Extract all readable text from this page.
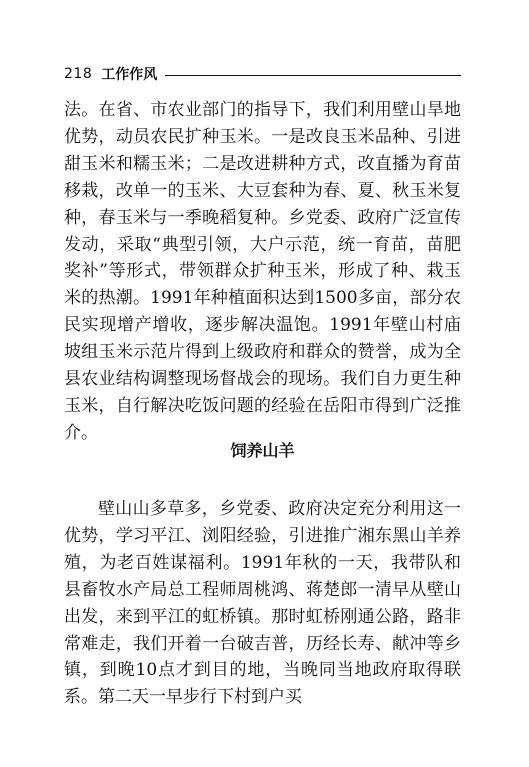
218 工作作风

法。在省、市农业部门的指导下，我们利用壁山旱地优势，动员农民扩种玉米。一是改良玉米品种、引进甜玉米和糯玉米；二是改进耕种方式，改直播为育苗移栽，改单一的玉米、大豆套种为春、夏、秋玉米复种，春玉米与一季晚稻复种。乡党委、政府广泛宣传发动，采取“典型引领，大户示范，统一育苗，苗肥奖补”等形式，带领群众扩种玉米，形成了种、栽玉米的热潮。1991年种植面积达到1500多亩，部分农民实现增产增收，逐步解决温饱。1991年壁山村庙坡组玉米示范片得到上级政府和群众的赞誉，成为全县农业结构调整现场督战会的现场。我们自力更生种玉米，自行解决吃饭问题的经验在岳阳市得到广泛推介。

饲养山羊

壁山山多草多，乡党委、政府决定充分利用这一优势，学习平江、浏阳经验，引进推广湘东黑山羊养殖，为老百姓谋福利。1991年秋的一天，我带队和县畜牧水产局总工程师周桃鸿、蒋楚郎一清早从壁山出发，来到平江的虹桥镇。那时虹桥刚通公路，路非常难走，我们开着一台破吉普，历经长寿、献冲等乡镇，到晚10点才到目的地，当晚同当地政府取得联系。第二天一早步行下村到户买
